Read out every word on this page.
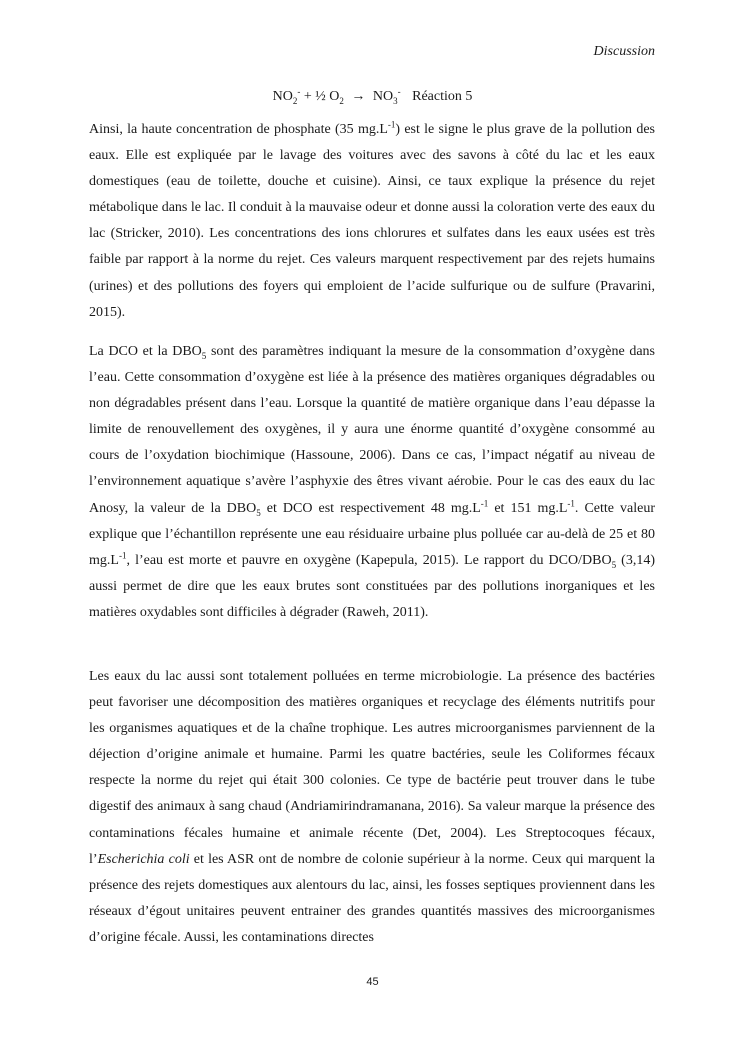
Discussion
$NO_2^-$ + ½ $O_2 \to NO_3^-$ Réaction 5

Ainsi, la haute concentration de phosphate (35 $mg.L^{-1}$) est le signe le plus grave de la pollution des eaux. Elle est expliquée par le lavage des voitures avec des savons à côté du lac et les eaux domestiques (eau de toilette, douche et cuisine). Ainsi, ce taux explique la présence du rejet métabolique dans le lac. Il conduit à la mauvaise odeur et donne aussi la coloration verte des eaux du lac (Stricker, 2010). Les concentrations des ions chlorures et sulfates dans les eaux usées est très faible par rapport à la norme du rejet. Ces valeurs marquent respectivement par des rejets humains (urines) et des pollutions des foyers qui emploient de l’acide sulfurique ou de sulfure (Pravarini, 2015).

La DCO et la $DBO_5$ sont des paramètres indiquant la mesure de la consommation d’oxygène dans l’eau. Cette consommation d’oxygène est liée à la présence des matières organiques dégradables ou non dégradables présent dans l’eau. Lorsque la quantité de matière organique dans l’eau dépasse la limite de renouvellement des oxygènes, il y aura une énorme quantité d’oxygène consommé au cours de l’oxydation biochimique (Hassoune, 2006). Dans ce cas, l’impact négatif au niveau de l’environnement aquatique s’avère l’asphyxie des êtres vivant aérobie. Pour le cas des eaux du lac Anosy, la valeur de la $DBO_5$ et DCO est respectivement 48 $mg.L^{-1}$ et 151 $mg.L^{-1}$. Cette valeur explique que l’échantillon représente une eau résiduaire urbaine plus polluée car au-delà de 25 et 80 $mg.L^{-1}$, l’eau est morte et pauvre en oxygène (Kapepula, 2015). Le rapport du DCO/$DBO_5$ (3,14) aussi permet de dire que les eaux brutes sont constituées par des pollutions inorganiques et les matières oxydables sont difficiles à dégrader (Raweh, 2011).

Les eaux du lac aussi sont totalement polluées en terme microbiologie. La présence des bactéries peut favoriser une décomposition des matières organiques et recyclage des éléments nutritifs pour les organismes aquatiques et de la chaîne trophique. Les autres microorganismes parviennent de la déjection d’origine animale et humaine. Parmi les quatre bactéries, seule les Coliformes fécaux respecte la norme du rejet qui était 300 colonies. Ce type de bactérie peut trouver dans le tube digestif des animaux à sang chaud (Andriamirindramanana, 2016). Sa valeur marque la présence des contaminations fécales humaine et animale récente (Det, 2004). Les Streptocoques fécaux, l’Escherichia coli et les ASR ont de nombre de colonie supérieur à la norme. Ceux qui marquent la présence des rejets domestiques aux alentours du lac, ainsi, les fosses septiques proviennent dans les réseaux d’égout unitaires peuvent entrainer des grandes quantités massives des microorganismes d’origine fécale. Aussi, les contaminations directes

45
